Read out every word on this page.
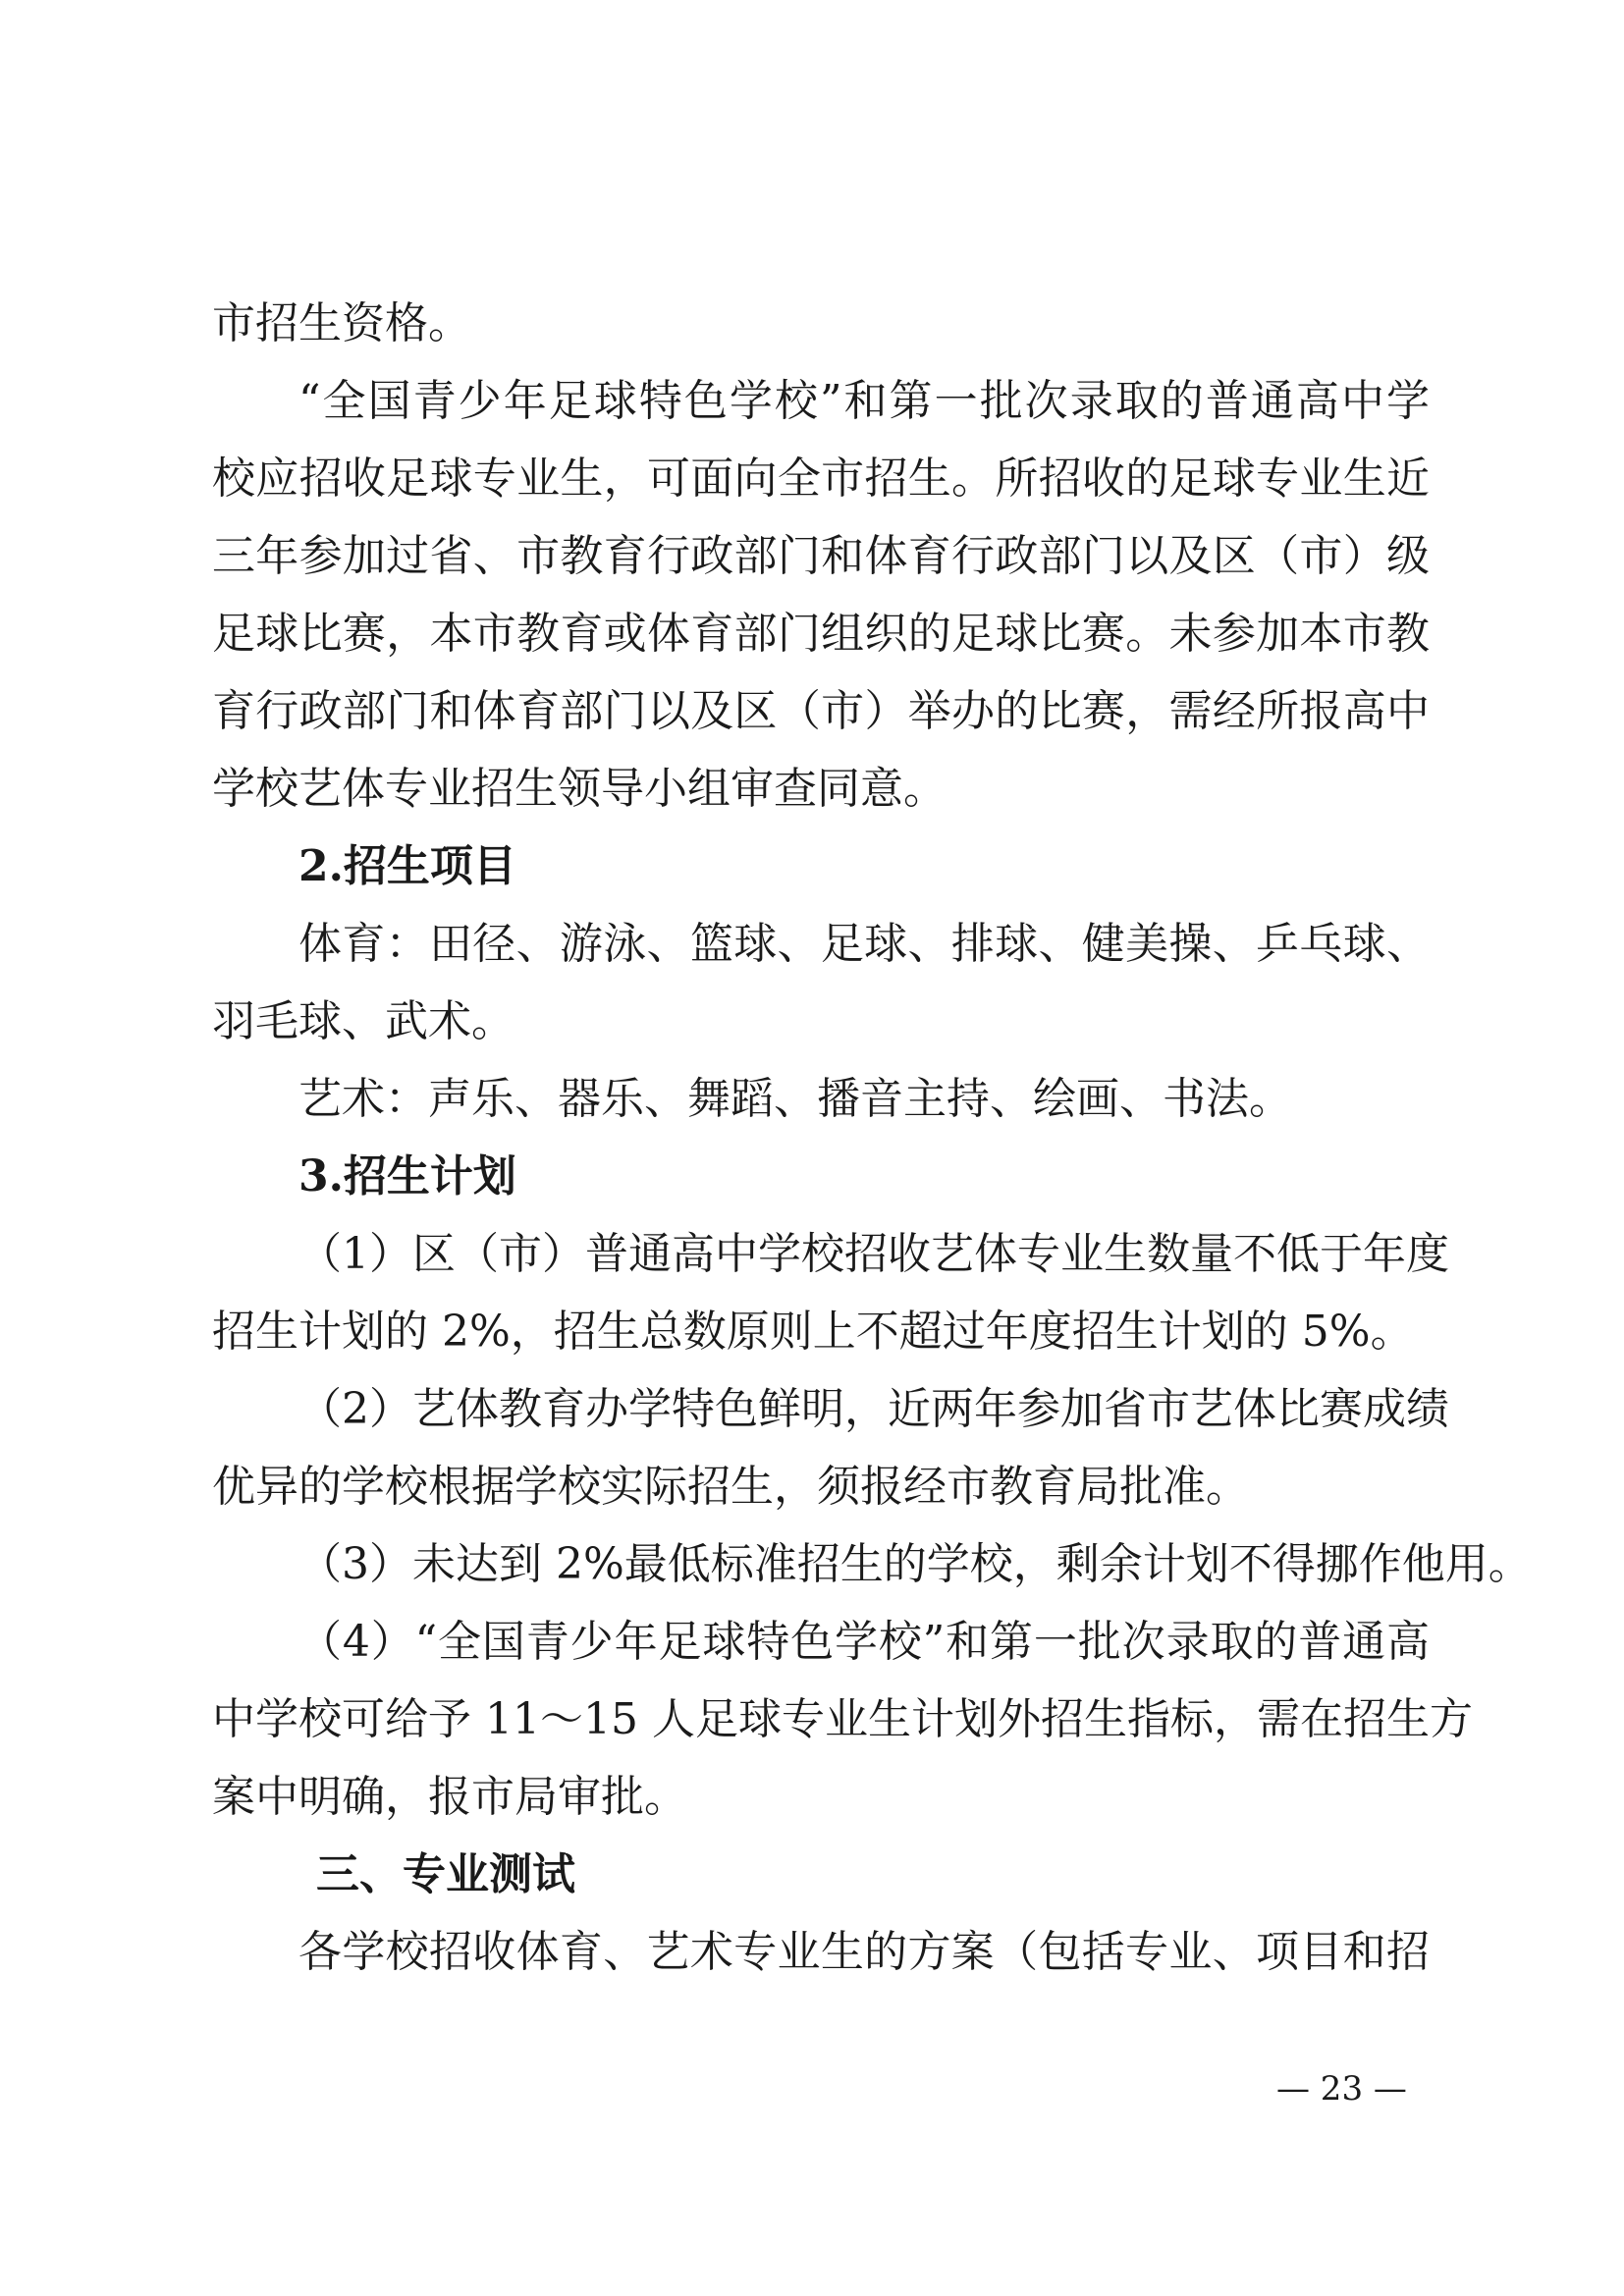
市招生资格。
“全国青少年足球特色学校”和第一批次录取的普通高中学
校应招收足球专业生，可面向全市招生。所招收的足球专业生近
三年参加过省、市教育行政部门和体育行政部门以及区（市）级
足球比赛，本市教育或体育部门组织的足球比赛。未参加本市教
育行政部门和体育部门以及区（市）举办的比赛，需经所报高中
学校艺体专业招生领导小组审查同意。
2.招生项目
体育：田径、游泳、篮球、足球、排球、健美操、乒乓球、
羽毛球、武术。
艺术：声乐、器乐、舞蹈、播音主持、绘画、书法。
3.招生计划
（1）区（市）普通高中学校招收艺体专业生数量不低于年度
招生计划的 2%，招生总数原则上不超过年度招生计划的 5%。
（2）艺体教育办学特色鲜明，近两年参加省市艺体比赛成绩
优异的学校根据学校实际招生，须报经市教育局批准。
（3）未达到 2%最低标准招生的学校，剩余计划不得挪作他用。
（4）“全国青少年足球特色学校”和第一批次录取的普通高
中学校可给予 11～15 人足球专业生计划外招生指标，需在招生方
案中明确，报市局审批。
三、专业测试
各学校招收体育、艺术专业生的方案（包括专业、项目和招
— 23 —
